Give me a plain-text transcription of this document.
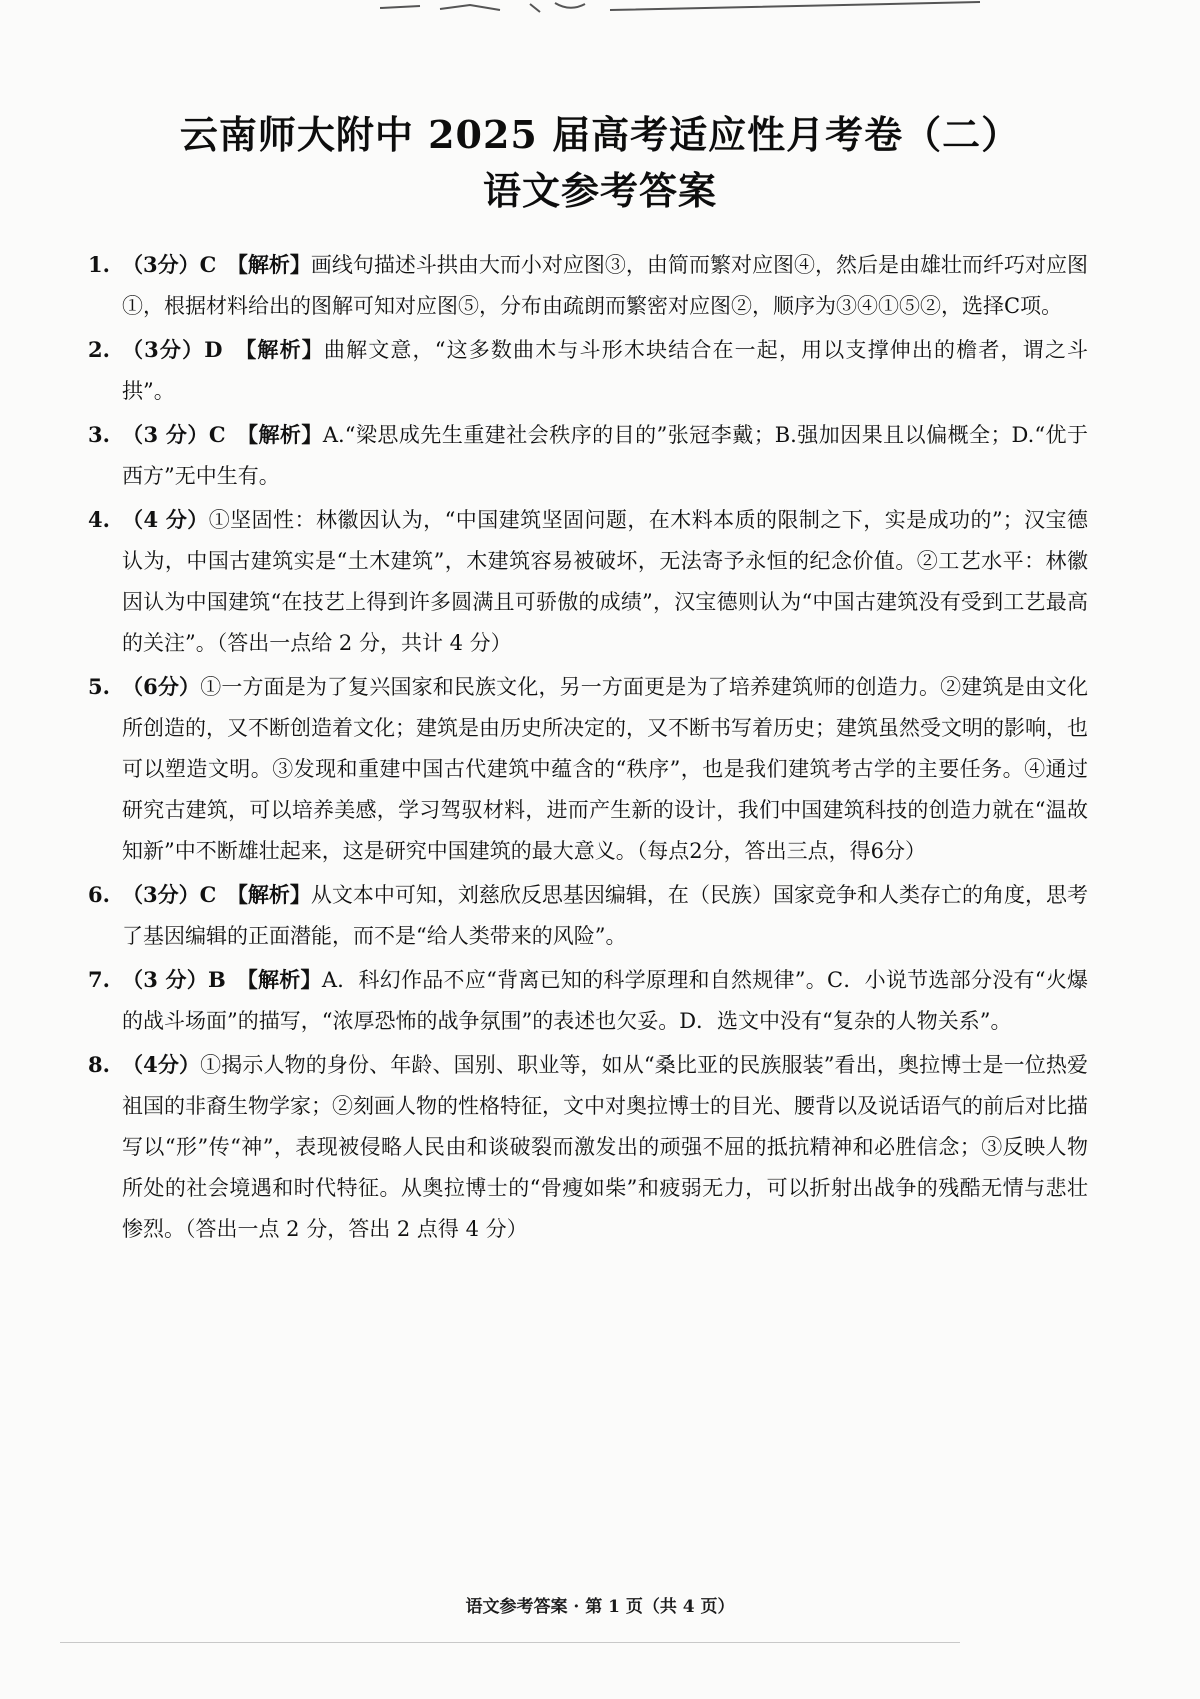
云南师大附中 2025 届高考适应性月考卷（二）
语文参考答案
1. （3分）C　【解析】画线句描述斗拱由大而小对应图③，由简而繁对应图④，然后是由雄壮而纤巧对应图①，根据材料给出的图解可知对应图⑤，分布由疏朗而繁密对应图②，顺序为③④①⑤②，选择C项。
2. （3分）D　【解析】曲解文意，“这多数曲木与斗形木块结合在一起，用以支撑伸出的檐者，谓之斗拱”。
3. （3 分）C　【解析】A.“梁思成先生重建社会秩序的目的”张冠李戴；B.强加因果且以偏概全；D.“优于西方”无中生有。
4. （4 分）①坚固性：林徽因认为，“中国建筑坚固问题，在木料本质的限制之下，实是成功的”；汉宝德认为，中国古建筑实是“土木建筑”，木建筑容易被破坏，无法寄予永恒的纪念价值。②工艺水平：林徽因认为中国建筑“在技艺上得到许多圆满且可骄傲的成绩”，汉宝德则认为“中国古建筑没有受到工艺最高的关注”。（答出一点给 2 分，共计 4 分）
5. （6分）①一方面是为了复兴国家和民族文化，另一方面更是为了培养建筑师的创造力。②建筑是由文化所创造的，又不断创造着文化；建筑是由历史所决定的，又不断书写着历史；建筑虽然受文明的影响，也可以塑造文明。③发现和重建中国古代建筑中蕴含的“秩序”，也是我们建筑考古学的主要任务。④通过研究古建筑，可以培养美感，学习驾驭材料，进而产生新的设计，我们中国建筑科技的创造力就在“温故知新”中不断雄壮起来，这是研究中国建筑的最大意义。（每点2分，答出三点，得6分）
6. （3分）C　【解析】从文本中可知，刘慈欣反思基因编辑，在（民族）国家竞争和人类存亡的角度，思考了基因编辑的正面潜能，而不是“给人类带来的风险”。
7. （3 分）B　【解析】A．科幻作品不应“背离已知的科学原理和自然规律”。C．小说节选部分没有“火爆的战斗场面”的描写，“浓厚恐怖的战争氛围”的表述也欠妥。D．选文中没有“复杂的人物关系”。
8. （4分）①揭示人物的身份、年龄、国别、职业等，如从“桑比亚的民族服装”看出，奥拉博士是一位热爱祖国的非裔生物学家；②刻画人物的性格特征，文中对奥拉博士的目光、腰背以及说话语气的前后对比描写以“形”传“神”，表现被侵略人民由和谈破裂而激发出的顽强不屈的抵抗精神和必胜信念；③反映人物所处的社会境遇和时代特征。从奥拉博士的“骨瘦如柴”和疲弱无力，可以折射出战争的残酷无情与悲壮惨烈。（答出一点 2 分，答出 2 点得 4 分）
语文参考答案 · 第 1 页（共 4 页）
